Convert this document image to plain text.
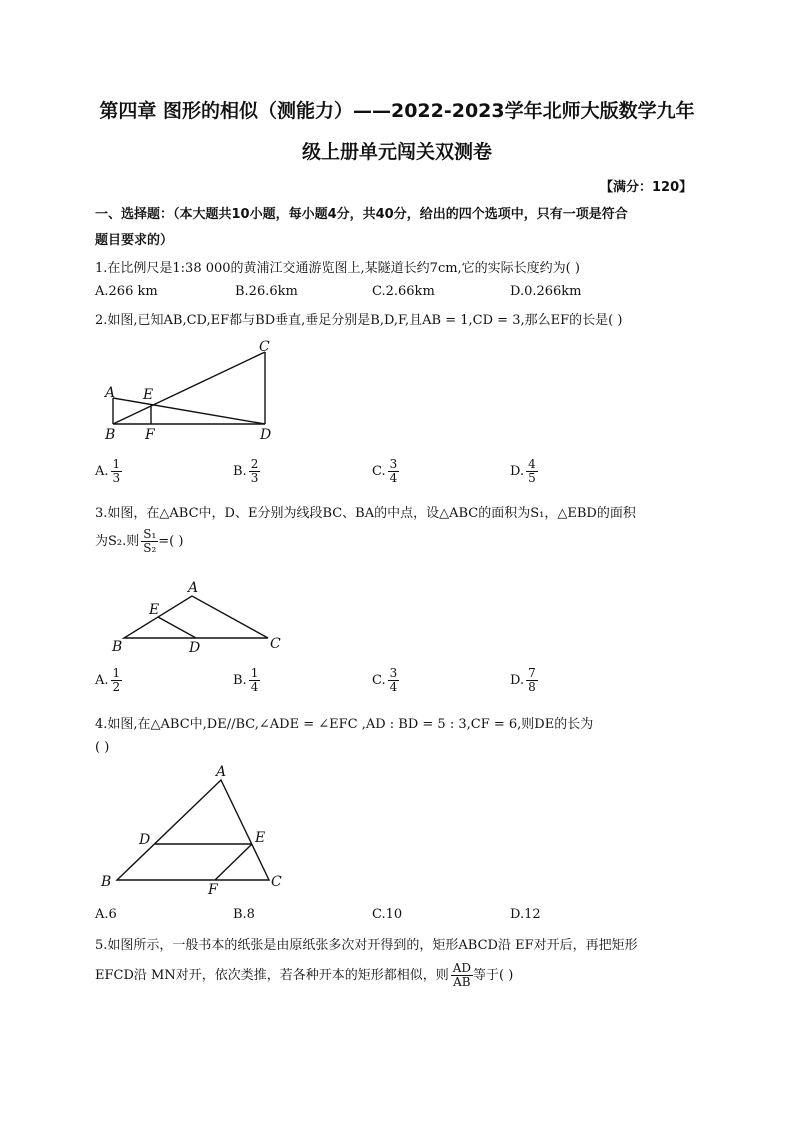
第四章 图形的相似（测能力）——2022-2023学年北师大版数学九年
级上册单元闯关双测卷
【满分：120】
一、选择题：（本大题共10小题，每小题4分，共40分，给出的四个选项中，只有一项是符合
题目要求的）
1.在比例尺是1:38 000的黄浦江交通游览图上,某隧道长约7cm,它的实际长度约为( )
A.266 km	B.26.6km	C.2.66km	D.0.266km
2.如图,已知AB,CD,EF都与BD垂直,垂足分别是B,D,F,且AB = 1,CD = 3,那么EF的长是( )
A E
B F	D
C
A. $\frac{1}{3}$	B. $\frac{2}{3}$	C. $\frac{3}{4}$	D. $\frac{4}{5}$
3.如图，在△ABC中，D、E分别为线段BC、BA的中点，设△ABC的面积为S₁，△EBD的面积
为S₂.则 $\frac{\text{S₁}}{\text{S₂}}$ =( )
A
E
B	D	C
A. $\frac{1}{2}$	B. $\frac{1}{4}$	C. $\frac{3}{4}$	D. $\frac{7}{8}$
4.如图,在△ABC中,DE//BC,∠ADE = ∠EFC ,AD : BD = 5 : 3,CF = 6,则DE的长为
( )
A
D	E
B	F	C
A.6	B.8	C.10	D.12
5.如图所示，一般书本的纸张是由原纸张多次对开得到的，矩形ABCD沿 EF对开后，再把矩形
EFCD沿 MN对开，依次类推，若各种开本的矩形都相似，则 $\frac{AD}{AB}$ 等于( )
